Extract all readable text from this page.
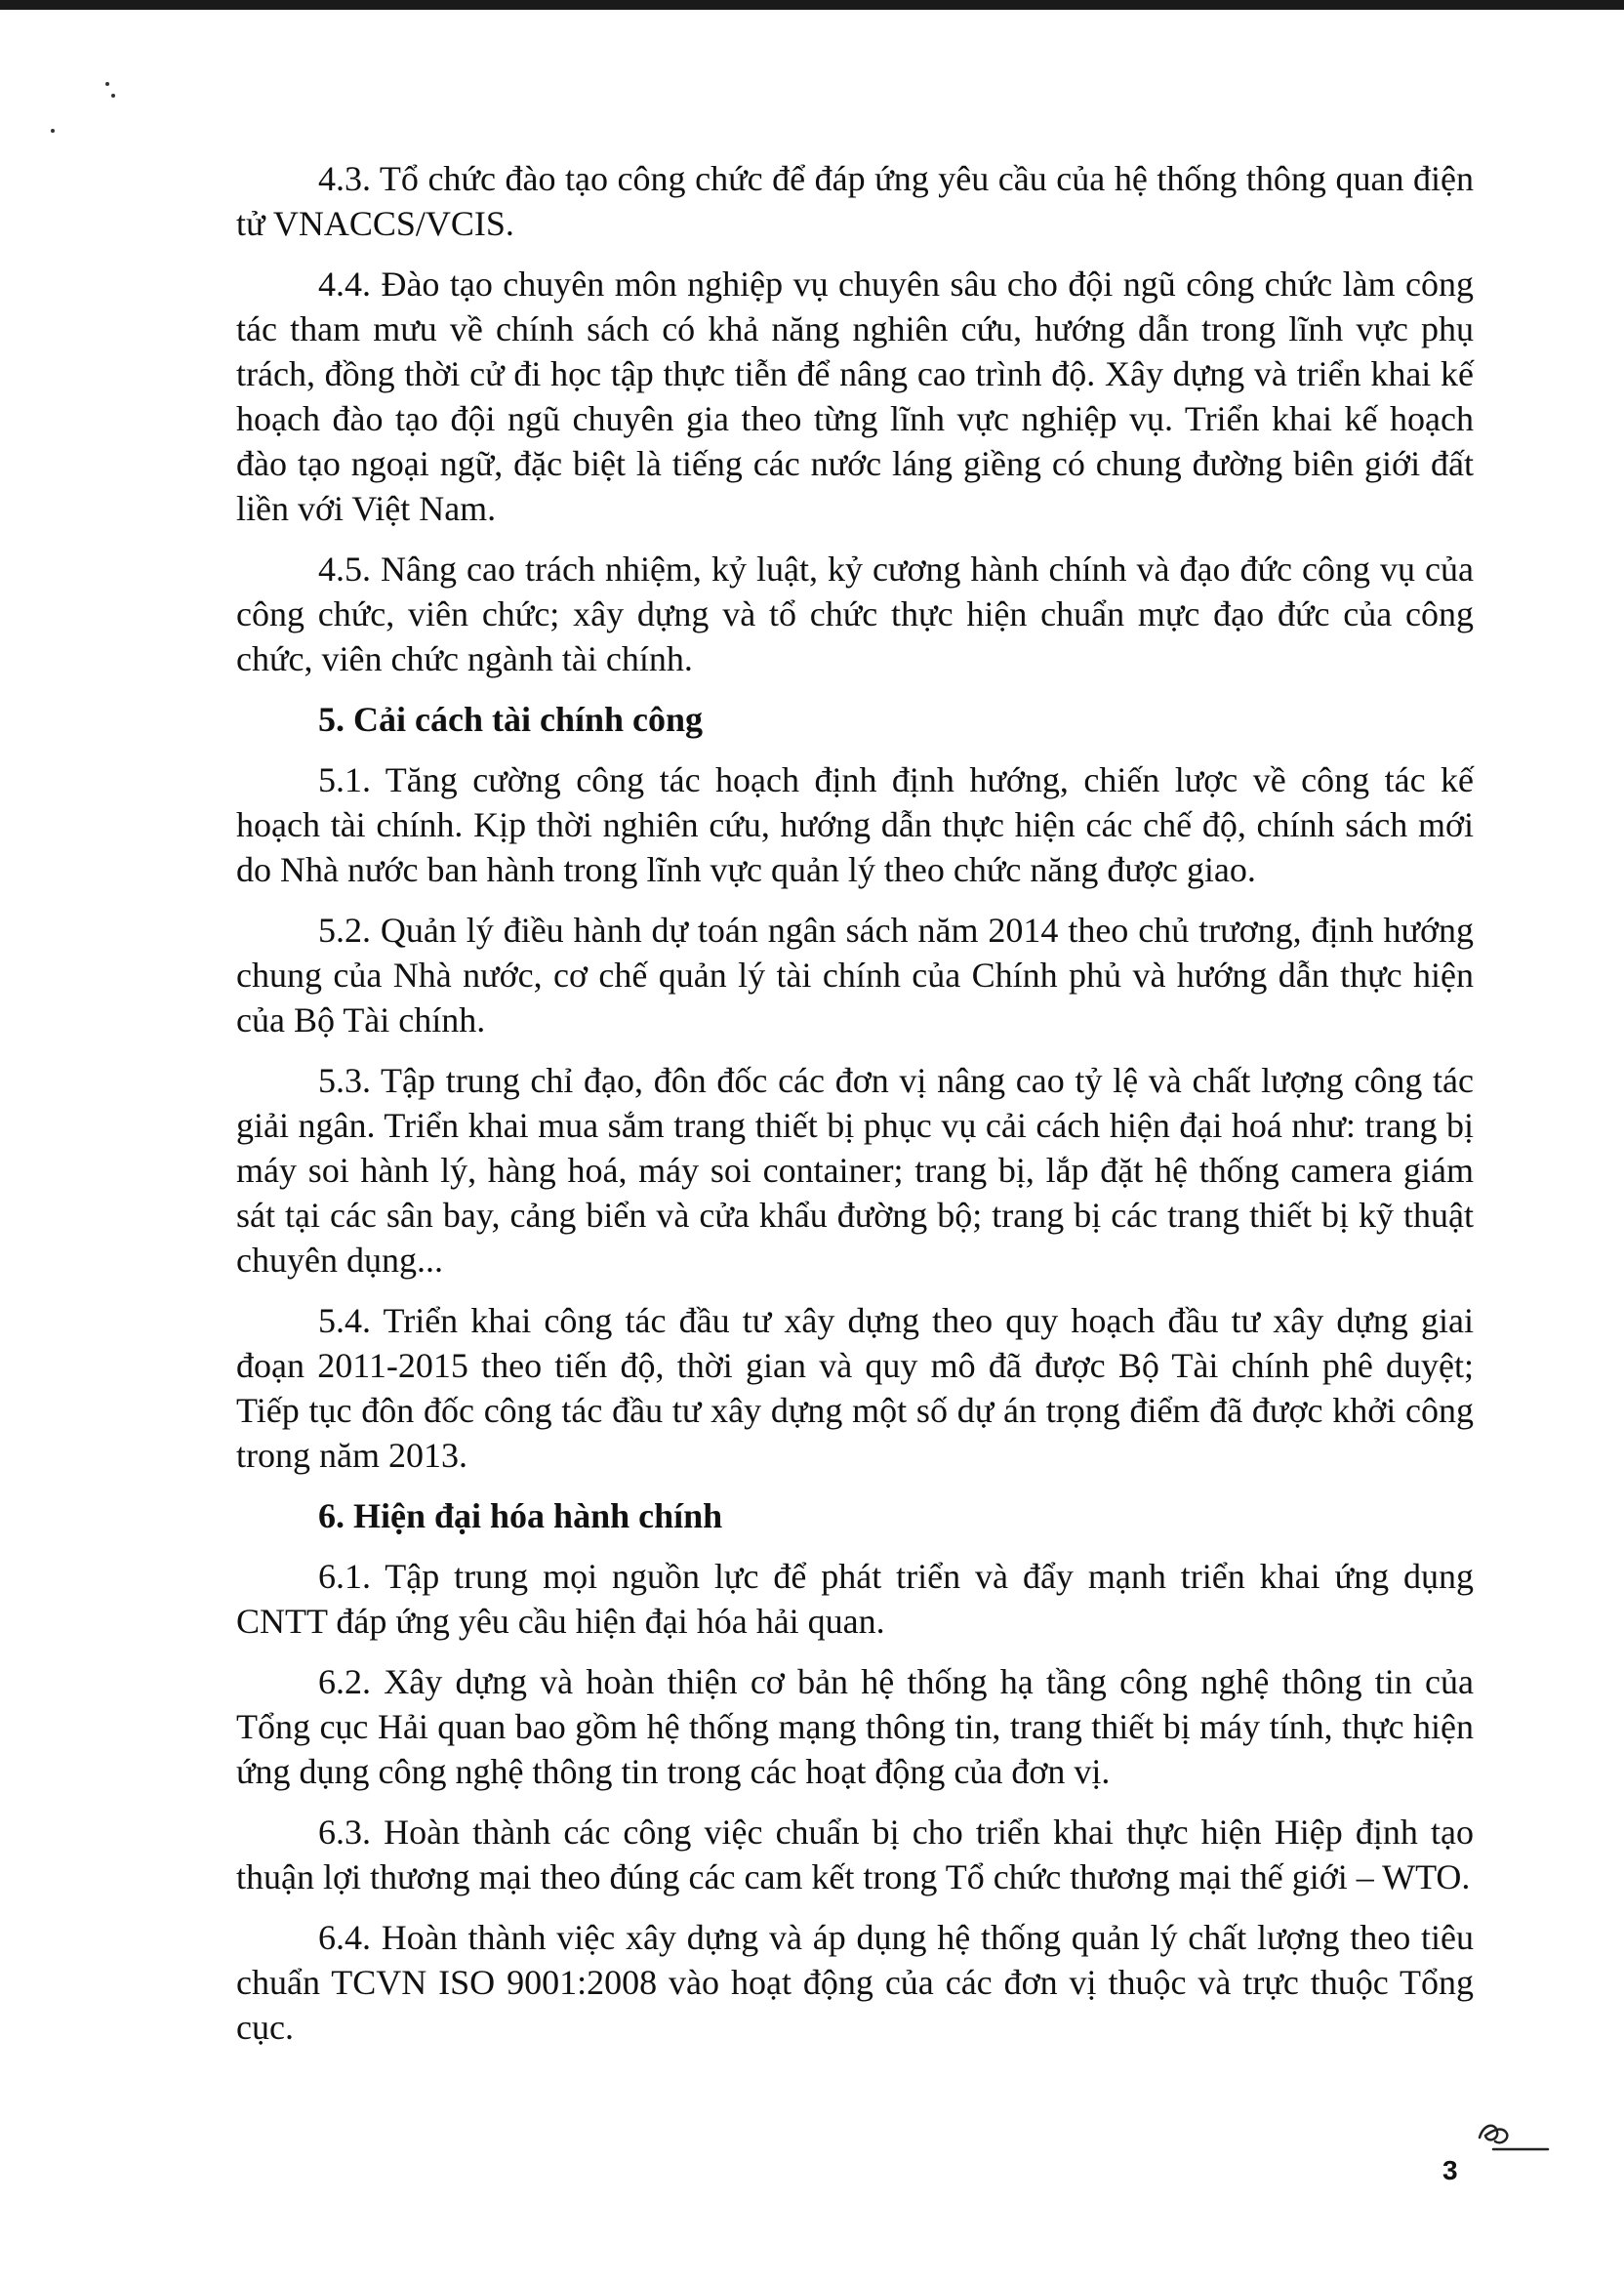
4.3. Tổ chức đào tạo công chức để đáp ứng yêu cầu của hệ thống thông quan điện tử VNACCS/VCIS.

4.4. Đào tạo chuyên môn nghiệp vụ chuyên sâu cho đội ngũ công chức làm công tác tham mưu về chính sách có khả năng nghiên cứu, hướng dẫn trong lĩnh vực phụ trách, đồng thời cử đi học tập thực tiễn để nâng cao trình độ. Xây dựng và triển khai kế hoạch đào tạo đội ngũ chuyên gia theo từng lĩnh vực nghiệp vụ. Triển khai kế hoạch đào tạo ngoại ngữ, đặc biệt là tiếng các nước láng giềng có chung đường biên giới đất liền với Việt Nam.

4.5. Nâng cao trách nhiệm, kỷ luật, kỷ cương hành chính và đạo đức công vụ của công chức, viên chức; xây dựng và tổ chức thực hiện chuẩn mực đạo đức của công chức, viên chức ngành tài chính.

5. Cải cách tài chính công

5.1. Tăng cường công tác hoạch định định hướng, chiến lược về công tác kế hoạch tài chính. Kịp thời nghiên cứu, hướng dẫn thực hiện các chế độ, chính sách mới do Nhà nước ban hành trong lĩnh vực quản lý theo chức năng được giao.

5.2. Quản lý điều hành dự toán ngân sách năm 2014 theo chủ trương, định hướng chung của Nhà nước, cơ chế quản lý tài chính của Chính phủ và hướng dẫn thực hiện của Bộ Tài chính.

5.3. Tập trung chỉ đạo, đôn đốc các đơn vị nâng cao tỷ lệ và chất lượng công tác giải ngân. Triển khai mua sắm trang thiết bị phục vụ cải cách hiện đại hoá như: trang bị máy soi hành lý, hàng hoá, máy soi container; trang bị, lắp đặt hệ thống camera giám sát tại các sân bay, cảng biển và cửa khẩu đường bộ; trang bị các trang thiết bị kỹ thuật chuyên dụng...

5.4. Triển khai công tác đầu tư xây dựng theo quy hoạch đầu tư xây dựng giai đoạn 2011-2015 theo tiến độ, thời gian và quy mô đã được Bộ Tài chính phê duyệt; Tiếp tục đôn đốc công tác đầu tư xây dựng một số dự án trọng điểm đã được khởi công trong năm 2013.

6. Hiện đại hóa hành chính

6.1. Tập trung mọi nguồn lực để phát triển và đẩy mạnh triển khai ứng dụng CNTT đáp ứng yêu cầu hiện đại hóa hải quan.

6.2. Xây dựng và hoàn thiện cơ bản hệ thống hạ tầng công nghệ thông tin của Tổng cục Hải quan bao gồm hệ thống mạng thông tin, trang thiết bị máy tính, thực hiện ứng dụng công nghệ thông tin trong các hoạt động của đơn vị.

6.3. Hoàn thành các công việc chuẩn bị cho triển khai thực hiện Hiệp định tạo thuận lợi thương mại theo đúng các cam kết trong Tổ chức thương mại thế giới – WTO.

6.4. Hoàn thành việc xây dựng và áp dụng hệ thống quản lý chất lượng theo tiêu chuẩn TCVN ISO 9001:2008 vào hoạt động của các đơn vị thuộc và trực thuộc Tổng cục.

3
